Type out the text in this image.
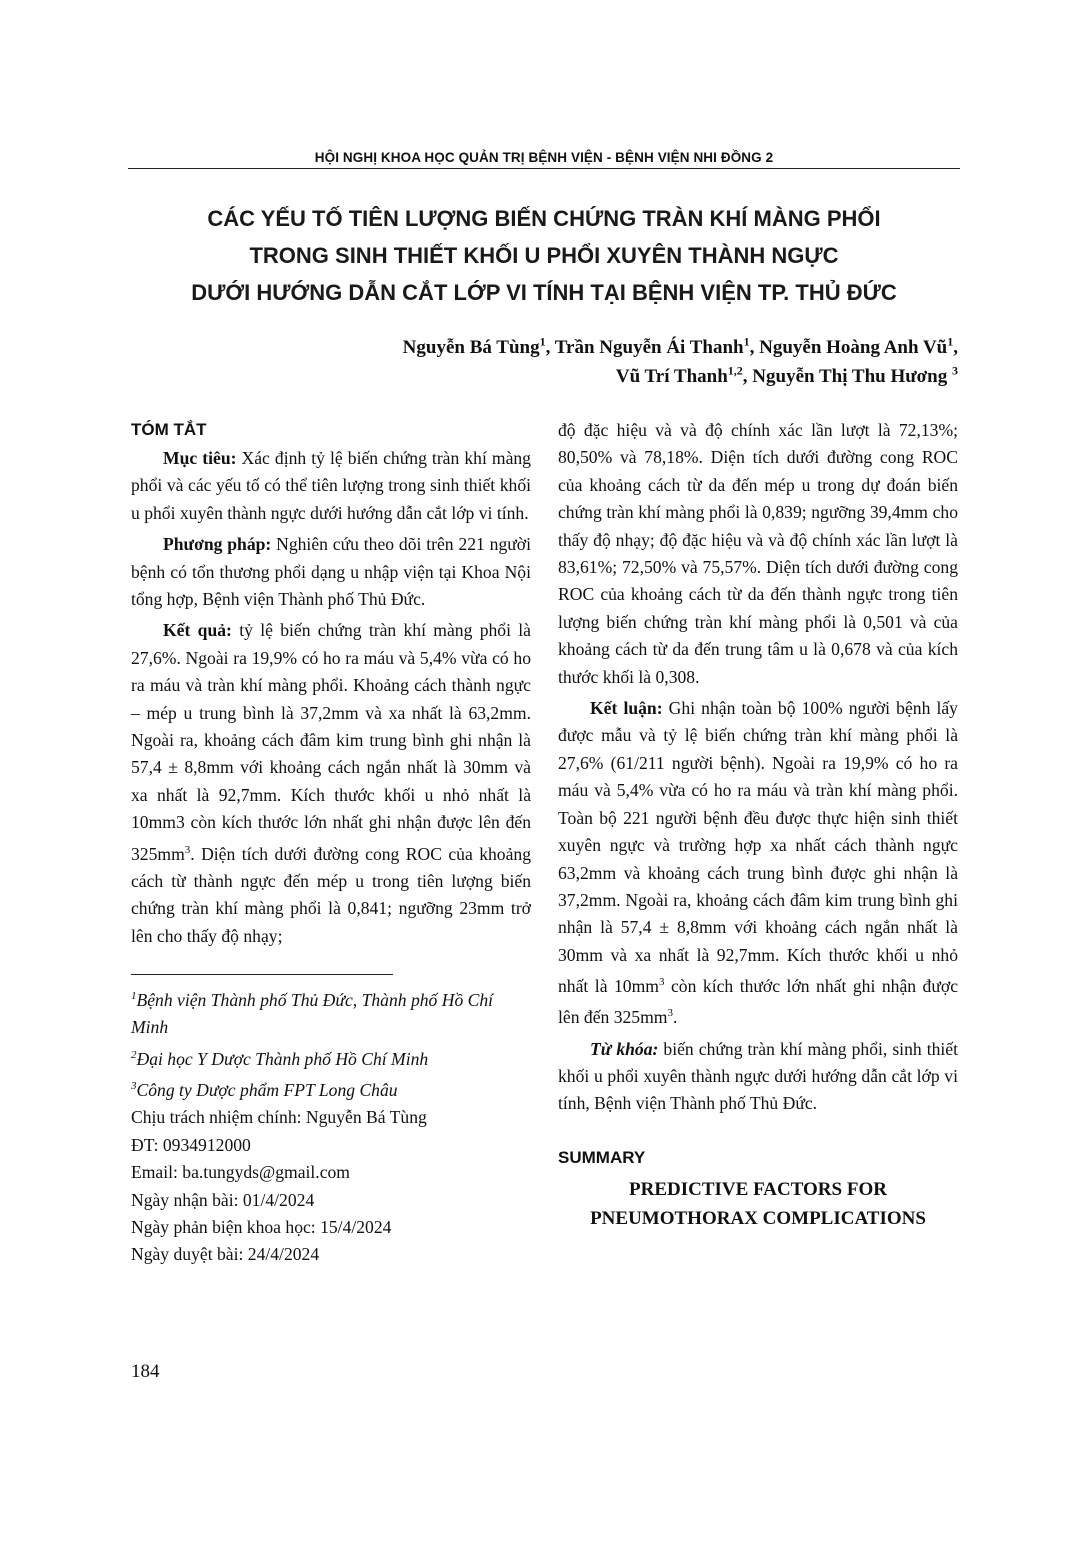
HỘI NGHỊ KHOA HỌC QUẢN TRỊ BỆNH VIỆN - BỆNH VIỆN NHI ĐỒNG 2
CÁC YẾU TỐ TIÊN LƯỢNG BIẾN CHỨNG TRÀN KHÍ MÀNG PHỔI
TRONG SINH THIẾT KHỐI U PHỔI XUYÊN THÀNH NGỰC
DƯỚI HƯỚNG DẪN CẮT LỚP VI TÍNH TẠI BỆNH VIỆN TP. THỦ ĐỨC
Nguyễn Bá Tùng$^1$, Trần Nguyễn Ái Thanh$^1$, Nguyễn Hoàng Anh $Vũ^1$,
Vũ Trí Thanh$^{1,2}$, Nguyễn Thị Thu Hương $^3$
TÓM TẮT

Mục tiêu: Xác định tỷ lệ biến chứng tràn khí màng phổi và các yếu tố có thể tiên lượng trong sinh thiết khối u phổi xuyên thành ngực dưới hướng dẫn cắt lớp vi tính.

Phương pháp: Nghiên cứu theo dõi trên 221 người bệnh có tổn thương phổi dạng u nhập viện tại Khoa Nội tổng hợp, Bệnh viện Thành phố Thủ Đức.

Kết quả: tỷ lệ biến chứng tràn khí màng phổi là 27,6%. Ngoài ra 19,9% có ho ra máu và 5,4% vừa có ho ra máu và tràn khí màng phổi. Khoảng cách thành ngực – mép u trung bình là 37,2mm và xa nhất là 63,2mm. Ngoài ra, khoảng cách đâm kim trung bình ghi nhận là 57,4 ± 8,8mm với khoảng cách ngắn nhất là 30mm và xa nhất là 92,7mm. Kích thước khối u nhỏ nhất là 10mm3 còn kích thước lớn nhất ghi nhận được lên đến $325mm^3$. Diện tích dưới đường cong ROC của khoảng cách từ thành ngực đến mép u trong tiên lượng biến chứng tràn khí màng phổi là 0,841; ngưỡng 23mm trở lên cho thấy độ nhạy;

$^1$Bệnh viện Thành phố Thủ Đức, Thành phố Hồ Chí Minh

$^2$Đại học Y Dược Thành phố Hồ Chí Minh

$^3$Công ty Dược phẩm FPT Long Châu

Chịu trách nhiệm chính: Nguyễn Bá Tùng

ĐT: 0934912000

Email: ba.tungyds@gmail.com

Ngày nhận bài: 01/4/2024

Ngày phản biện khoa học: 15/4/2024

Ngày duyệt bài: 24/4/2024

độ đặc hiệu và và độ chính xác lần lượt là 72,13%; 80,50% và 78,18%. Diện tích dưới đường cong ROC của khoảng cách từ da đến mép u trong dự đoán biến chứng tràn khí màng phổi là 0,839; ngưỡng 39,4mm cho thấy độ nhạy; độ đặc hiệu và và độ chính xác lần lượt là 83,61%; 72,50% và 75,57%. Diện tích dưới đường cong ROC của khoảng cách từ da đến thành ngực trong tiên lượng biến chứng tràn khí màng phổi là 0,501 và của khoảng cách từ da đến trung tâm u là 0,678 và của kích thước khối là 0,308.

Kết luận: Ghi nhận toàn bộ 100% người bệnh lấy được mẫu và tỷ lệ biến chứng tràn khí màng phổi là 27,6% (61/211 người bệnh). Ngoài ra 19,9% có ho ra máu và 5,4% vừa có ho ra máu và tràn khí màng phổi. Toàn bộ 221 người bệnh đều được thực hiện sinh thiết xuyên ngực và trường hợp xa nhất cách thành ngực 63,2mm và khoảng cách trung bình được ghi nhận là 37,2mm. Ngoài ra, khoảng cách đâm kim trung bình ghi nhận là 57,4 ± 8,8mm với khoảng cách ngắn nhất là 30mm và xa nhất là 92,7mm. Kích thước khối u nhỏ nhất là $10mm^3$ còn kích thước lớn nhất ghi nhận được lên đến $325mm^3$.

Từ khóa: biến chứng tràn khí màng phổi, sinh thiết khối u phổi xuyên thành ngực dưới hướng dẫn cắt lớp vi tính, Bệnh viện Thành phố Thủ Đức.

SUMMARY
PREDICTIVE FACTORS FOR
PNEUMOTHORAX COMPLICATIONS
184
